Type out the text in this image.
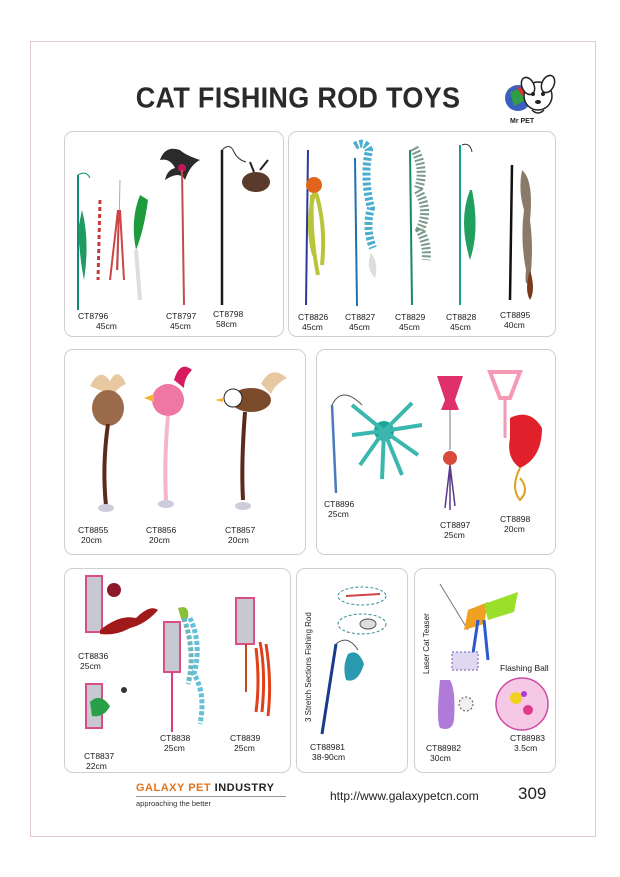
CAT FISHING ROD TOYS
Mr PET
CT8796
45cm
CT8797
45cm
CT8798
58cm
CT8826
45cm
CT8827
45cm
CT8829
45cm
CT8828
45cm
CT8895
40cm
CT8855
20cm
CT8856
20cm
CT8857
20cm
CT8896
25cm
CT8897
25cm
CT8898
20cm
CT8836
25cm
CT8837
22cm
CT8838
25cm
CT8839
25cm
3 Stretch Sections Fishing Rod
CT88981
38-90cm
Laser Cat Teaser	Flashing Ball
CT88982
30cm
CT88983
3.5cm
GALAXY PET INDUSTRY
approaching the better
http://www.galaxypetcn.com 309
